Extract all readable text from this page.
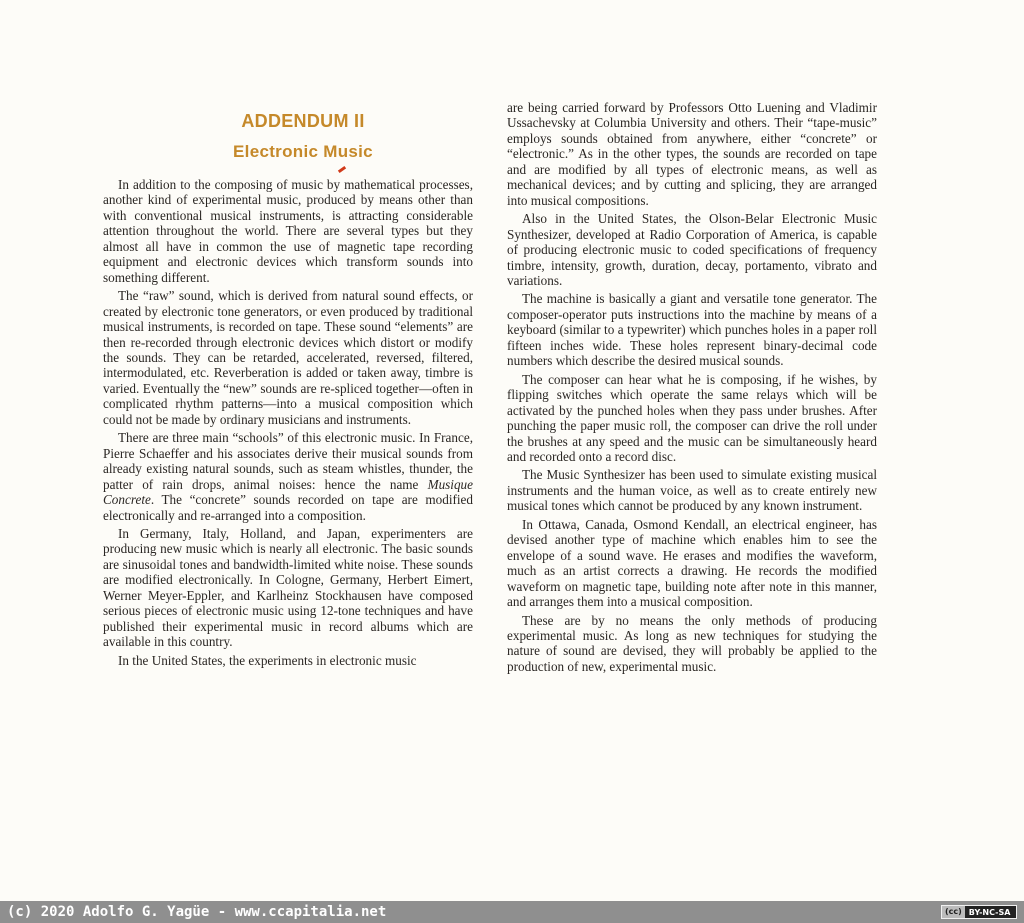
ADDENDUM II
Electronic Music

In addition to the composing of music by mathematical processes, another kind of experimental music, produced by means other than with conventional musical instruments, is attracting considerable attention throughout the world. There are several types but they almost all have in common the use of magnetic tape recording equipment and electronic devices which transform sounds into something different.

The “raw” sound, which is derived from natural sound effects, or created by electronic tone generators, or even produced by traditional musical instruments, is recorded on tape. These sound “elements” are then re-recorded through electronic devices which distort or modify the sounds. They can be retarded, accelerated, reversed, filtered, intermodulated, etc. Reverberation is added or taken away, timbre is varied. Eventually the “new” sounds are re-spliced together—often in complicated rhythm patterns—into a musical composition which could not be made by ordinary musicians and instruments.

There are three main “schools” of this electronic music. In France, Pierre Schaeffer and his associates derive their musical sounds from already existing natural sounds, such as steam whistles, thunder, the patter of rain drops, animal noises: hence the name Musique Concrete. The “concrete” sounds recorded on tape are modified electronically and re-arranged into a composition.

In Germany, Italy, Holland, and Japan, experimenters are producing new music which is nearly all electronic. The basic sounds are sinusoidal tones and bandwidth-limited white noise. These sounds are modified electronically. In Cologne, Germany, Herbert Eimert, Werner Meyer-Eppler, and Karlheinz Stockhausen have composed serious pieces of electronic music using 12-tone techniques and have published their experimental music in record albums which are available in this country.

In the United States, the experiments in electronic music

are being carried forward by Professors Otto Luening and Vladimir Ussachevsky at Columbia University and others. Their “tape-music” employs sounds obtained from anywhere, either “concrete” or “electronic.” As in the other types, the sounds are recorded on tape and are modified by all types of electronic means, as well as mechanical devices; and by cutting and splicing, they are arranged into musical compositions.

Also in the United States, the Olson-Belar Electronic Music Synthesizer, developed at Radio Corporation of America, is capable of producing electronic music to coded specifications of frequency timbre, intensity, growth, duration, decay, portamento, vibrato and variations.

The machine is basically a giant and versatile tone generator. The composer-operator puts instructions into the machine by means of a keyboard (similar to a typewriter) which punches holes in a paper roll fifteen inches wide. These holes represent binary-decimal code numbers which describe the desired musical sounds.

The composer can hear what he is composing, if he wishes, by flipping switches which operate the same relays which will be activated by the punched holes when they pass under brushes. After punching the paper music roll, the composer can drive the roll under the brushes at any speed and the music can be simultaneously heard and recorded onto a record disc.

The Music Synthesizer has been used to simulate existing musical instruments and the human voice, as well as to create entirely new musical tones which cannot be produced by any known instrument.

In Ottawa, Canada, Osmond Kendall, an electrical engineer, has devised another type of machine which enables him to see the envelope of a sound wave. He erases and modifies the waveform, much as an artist corrects a drawing. He records the modified waveform on magnetic tape, building note after note in this manner, and arranges them into a musical composition.

These are by no means the only methods of producing experimental music. As long as new techniques for studying the nature of sound are devised, they will probably be applied to the production of new, experimental music.

(c) 2020 Adolfo G. Yagüe - www.ccapitalia.net	(cc) BY-NC-SA
